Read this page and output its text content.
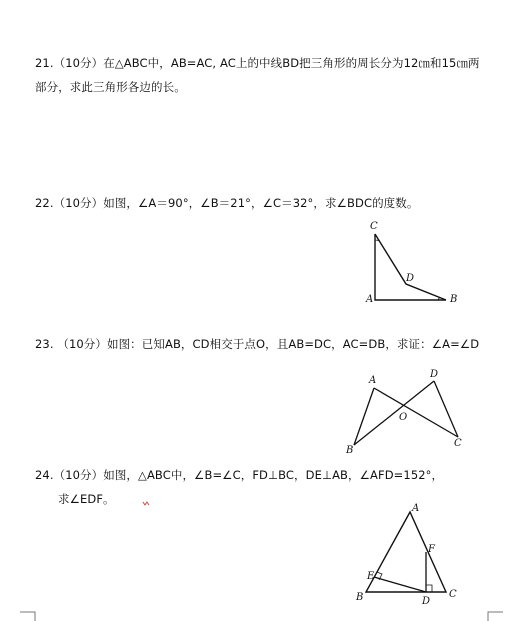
21.（10分）在△ABC中，AB=AC, AC上的中线BD把三角形的周长分为12㎝和15㎝两
部分，求此三角形各边的长。
22.（10分）如图，∠A＝90°，∠B＝21°，∠C＝32°，求∠BDC的度数。
C
A
D
B
23. （10分）如图：已知AB，CD相交于点O，且AB=DC，AC=DB，求证：∠A=∠D
A
D
O
B
C
24.（10分）如图，△ABC中，∠B=∠C，FD⊥BC，DE⊥AB，∠AFD=152°，
求∠EDF。
A
F
E
B	D
C
